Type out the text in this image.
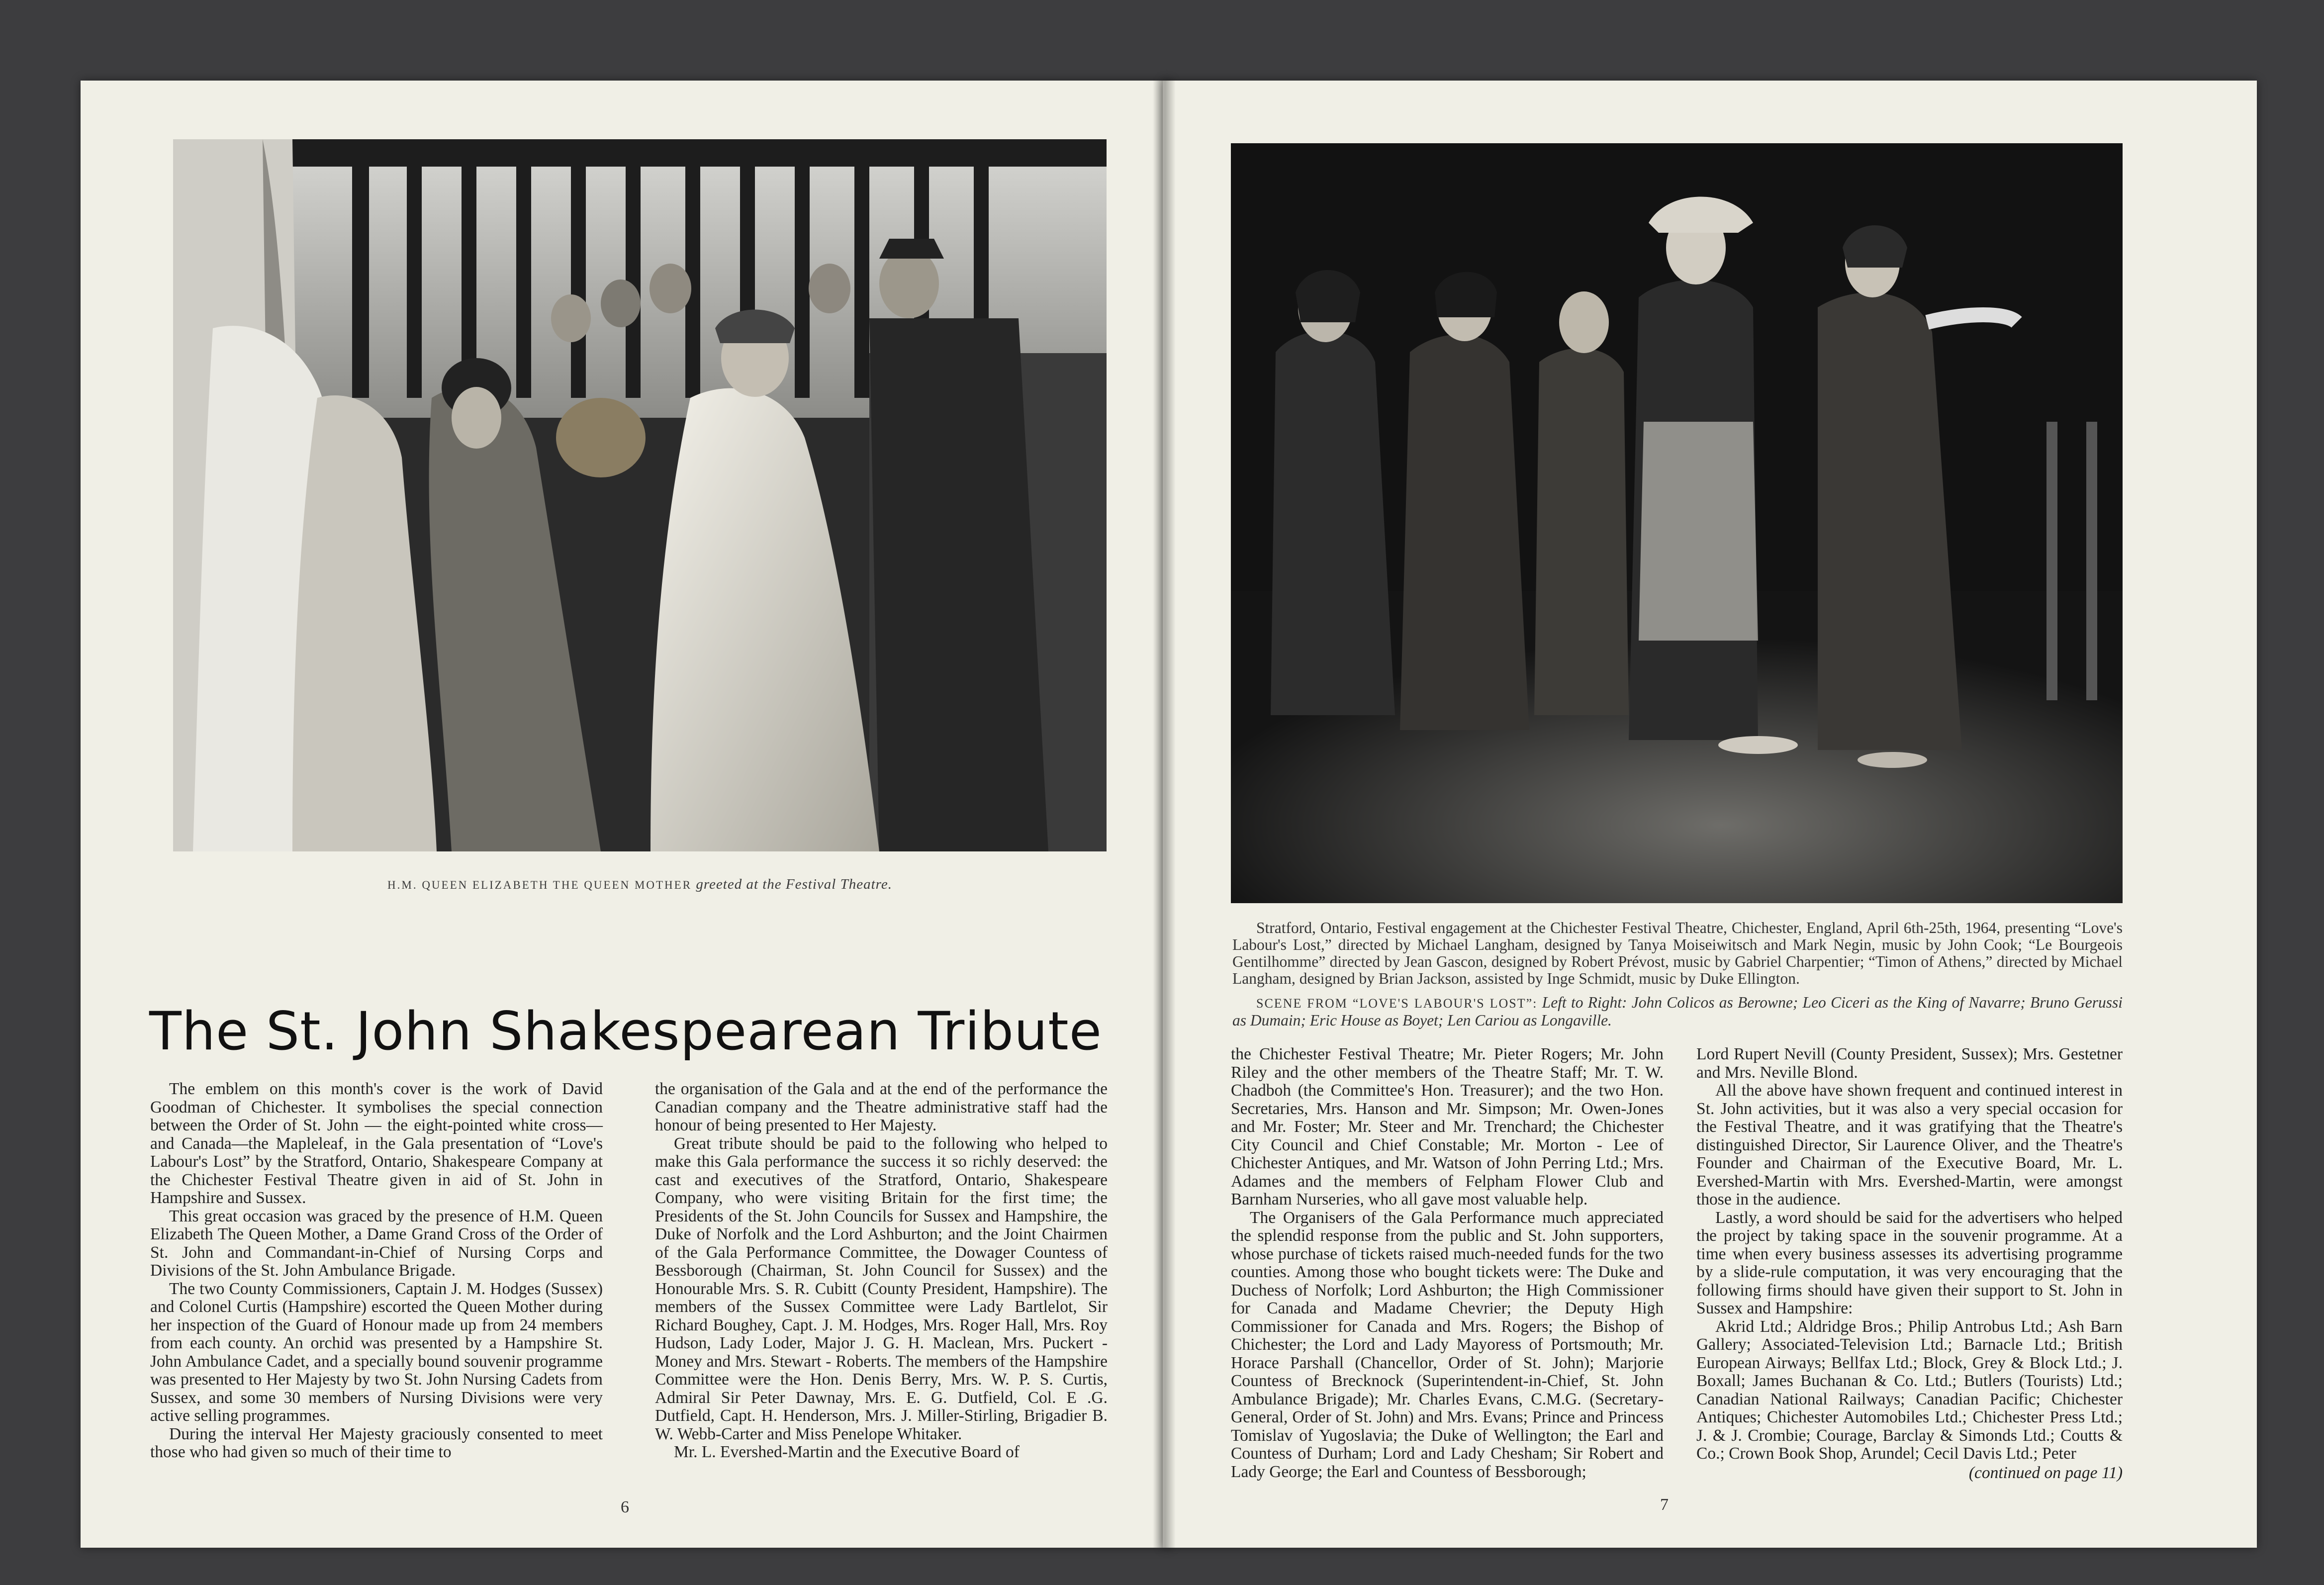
H.M. QUEEN ELIZABETH THE QUEEN MOTHER greeted at the Festival Theatre.
The St. John Shakespearean Tribute

The emblem on this month's cover is the work of David Goodman of Chichester. It symbolises the special connection between the Order of St. John — the eight-pointed white cross—and Canada—the Mapleleaf, in the Gala presentation of “Love's Labour's Lost” by the Stratford, Ontario, Shakespeare Company at the Chichester Festival Theatre given in aid of St. John in Hampshire and Sussex.

This great occasion was graced by the presence of H.M. Queen Elizabeth The Queen Mother, a Dame Grand Cross of the Order of St. John and Commandant-in-Chief of Nursing Corps and Divisions of the St. John Ambulance Brigade.

The two County Commissioners, Captain J. M. Hodges (Sussex) and Colonel Curtis (Hampshire) escorted the Queen Mother during her inspection of the Guard of Honour made up from 24 members from each county. An orchid was presented by a Hampshire St. John Ambulance Cadet, and a specially bound souvenir programme was presented to Her Majesty by two St. John Nursing Cadets from Sussex, and some 30 members of Nursing Divisions were very active selling programmes.

During the interval Her Majesty graciously consented to meet those who had given so much of their time to

the organisation of the Gala and at the end of the performance the Canadian company and the Theatre administrative staff had the honour of being presented to Her Majesty.

Great tribute should be paid to the following who helped to make this Gala performance the success it so richly deserved: the cast and executives of the Stratford, Ontario, Shakespeare Company, who were visiting Britain for the first time; the Presidents of the St. John Councils for Sussex and Hampshire, the Duke of Norfolk and the Lord Ashburton; and the Joint Chairmen of the Gala Performance Committee, the Dowager Countess of Bessborough (Chairman, St. John Council for Sussex) and the Honourable Mrs. S. R. Cubitt (County President, Hampshire). The members of the Sussex Committee were Lady Bartlelot, Sir Richard Boughey, Capt. J. M. Hodges, Mrs. Roger Hall, Mrs. Roy Hudson, Lady Loder, Major J. G. H. Maclean, Mrs. Puckert - Money and Mrs. Stewart - Roberts. The members of the Hampshire Committee were the Hon. Denis Berry, Mrs. W. P. S. Curtis, Admiral Sir Peter Dawnay, Mrs. E. G. Dutfield, Col. E .G. Dutfield, Capt. H. Henderson, Mrs. J. Miller-Stirling, Brigadier B. W. Webb-Carter and Miss Penelope Whitaker.

Mr. L. Evershed-Martin and the Executive Board of

6

Stratford, Ontario, Festival engagement at the Chichester Festival Theatre, Chichester, England, April 6th-25th, 1964, presenting “Love's Labour's Lost,” directed by Michael Langham, designed by Tanya Moiseiwitsch and Mark Negin, music by John Cook; “Le Bourgeois Gentilhomme” directed by Jean Gascon, designed by Robert Prévost, music by Gabriel Charpentier; “Timon of Athens,” directed by Michael Langham, designed by Brian Jackson, assisted by Inge Schmidt, music by Duke Ellington.

SCENE FROM “LOVE'S LABOUR'S LOST”: Left to Right: John Colicos as Berowne; Leo Ciceri as the King of Navarre; Bruno Gerussi as Dumain; Eric House as Boyet; Len Cariou as Longaville.

the Chichester Festival Theatre; Mr. Pieter Rogers; Mr. John Riley and the other members of the Theatre Staff; Mr. T. W. Chadboh (the Committee's Hon. Treasurer); and the two Hon. Secretaries, Mrs. Hanson and Mr. Simpson; Mr. Owen-Jones and Mr. Foster; Mr. Steer and Mr. Trenchard; the Chichester City Council and Chief Constable; Mr. Morton - Lee of Chichester Antiques, and Mr. Watson of John Perring Ltd.; Mrs. Adames and the members of Felpham Flower Club and Barnham Nurseries, who all gave most valuable help.

The Organisers of the Gala Performance much appreciated the splendid response from the public and St. John supporters, whose purchase of tickets raised much-needed funds for the two counties. Among those who bought tickets were: The Duke and Duchess of Norfolk; Lord Ashburton; the High Commissioner for Canada and Madame Chevrier; the Deputy High Commissioner for Canada and Mrs. Rogers; the Bishop of Chichester; the Lord and Lady Mayoress of Portsmouth; Mr. Horace Parshall (Chancellor, Order of St. John); Marjorie Countess of Brecknock (Superintendent-in-Chief, St. John Ambulance Brigade); Mr. Charles Evans, C.M.G. (Secretary-General, Order of St. John) and Mrs. Evans; Prince and Princess Tomislav of Yugoslavia; the Duke of Wellington; the Earl and Countess of Durham; Lord and Lady Chesham; Sir Robert and Lady George; the Earl and Countess of Bessborough;

Lord Rupert Nevill (County President, Sussex); Mrs. Gestetner and Mrs. Neville Blond.

All the above have shown frequent and continued interest in St. John activities, but it was also a very special occasion for the Festival Theatre, and it was gratifying that the Theatre's distinguished Director, Sir Laurence Oliver, and the Theatre's Founder and Chairman of the Executive Board, Mr. L. Evershed-Martin with Mrs. Evershed-Martin, were amongst those in the audience.

Lastly, a word should be said for the advertisers who helped the project by taking space in the souvenir programme. At a time when every business assesses its advertising programme by a slide-rule computation, it was very encouraging that the following firms should have given their support to St. John in Sussex and Hampshire:

Akrid Ltd.; Aldridge Bros.; Philip Antrobus Ltd.; Ash Barn Gallery; Associated-Television Ltd.; Barnacle Ltd.; British European Airways; Bellfax Ltd.; Block, Grey & Block Ltd.; J. Boxall; James Buchanan & Co. Ltd.; Butlers (Tourists) Ltd.; Canadian National Railways; Canadian Pacific; Chichester Antiques; Chichester Automobiles Ltd.; Chichester Press Ltd.; J. & J. Crombie; Courage, Barclay & Simonds Ltd.; Coutts & Co.; Crown Book Shop, Arundel; Cecil Davis Ltd.; Peter

(continued on page 11)
7
